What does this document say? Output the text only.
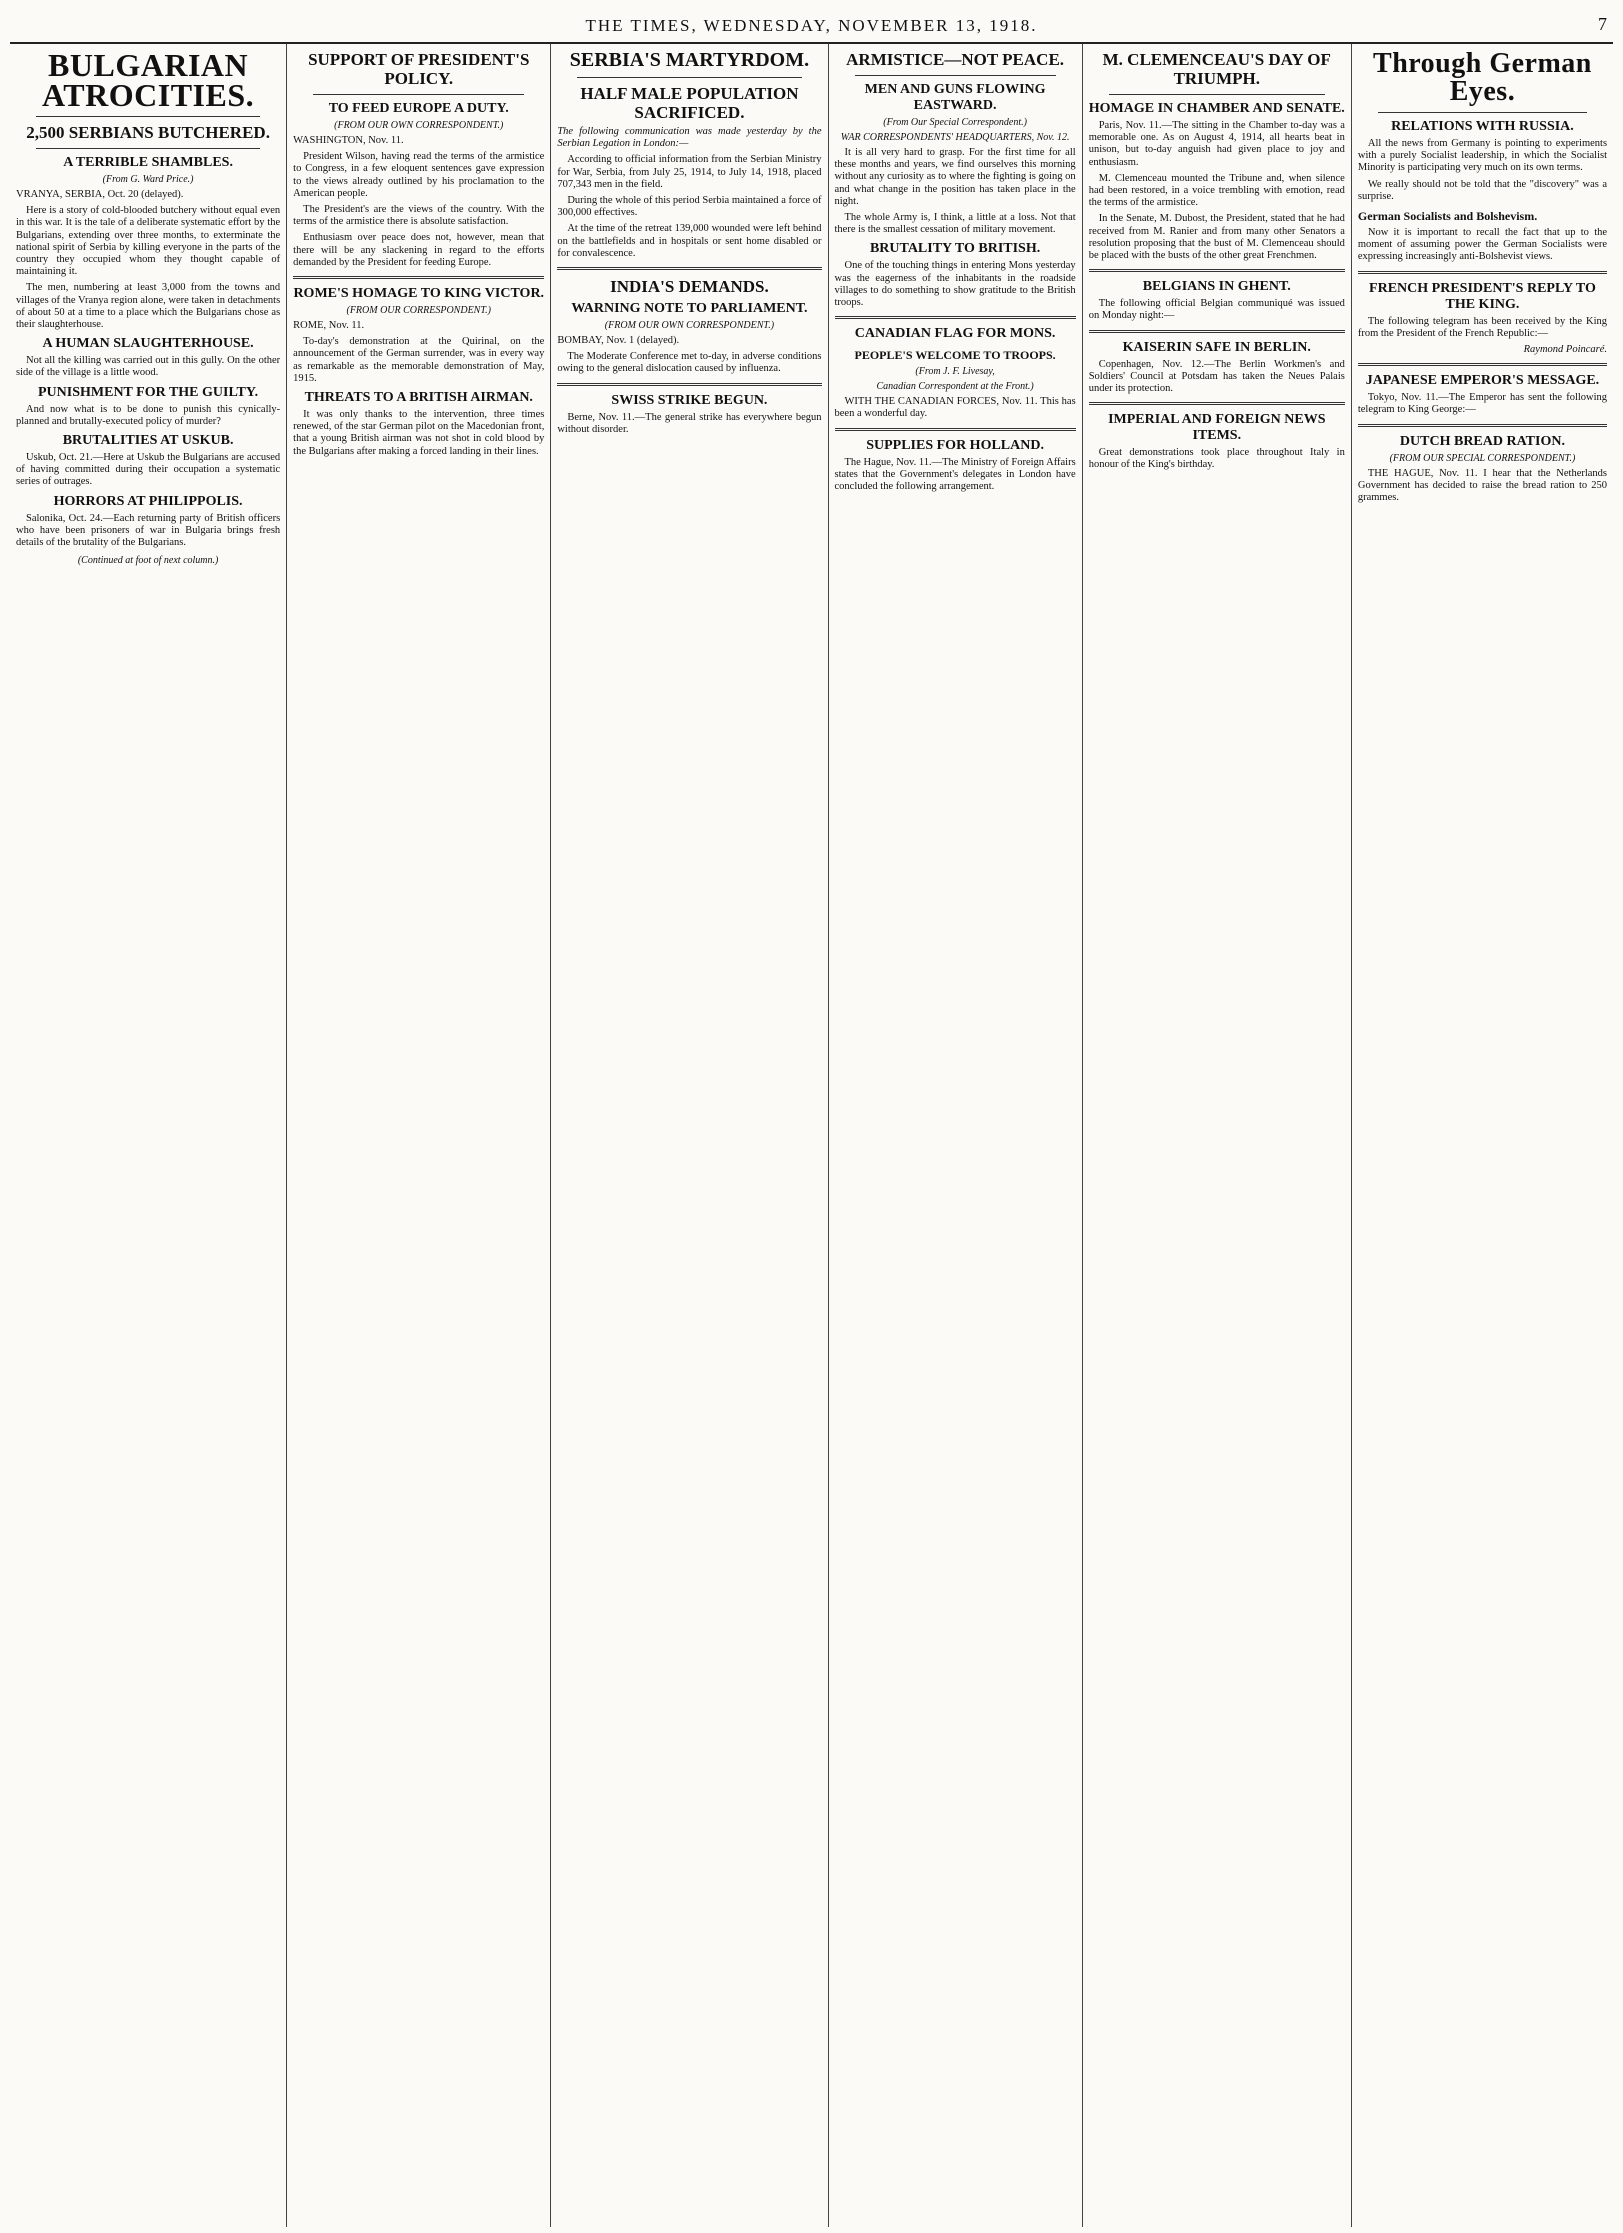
THE TIMES, WEDNESDAY, NOVEMBER 13, 1918.	7
BULGARIAN ATROCITIES.
2,500 SERBIANS BUTCHERED.
A TERRIBLE SHAMBLES.
(From G. Ward Price.)

VRANYA, SERBIA, Oct. 20 (delayed).

Here is a story of cold-blooded butchery without equal even in this war. It is the tale of a deliberate systematic effort by the Bulgarians, extending over three months, to exterminate the national spirit of Serbia by killing everyone in the parts of the country they occupied whom they thought capable of maintaining it.

The men, numbering at least 3,000 from the towns and villages of the Vranya region alone, were taken in detachments of about 50 at a time to a place which the Bulgarians chose as their slaughterhouse.

A HUMAN SLAUGHTERHOUSE.

Not all the killing was carried out in this gully. On the other side of the village is a little wood.

PUNISHMENT FOR THE GUILTY.

And now what is to be done to punish this cynically-planned and brutally-executed policy of murder?

BRUTALITIES AT USKUB.

Uskub, Oct. 21.—Here at Uskub the Bulgarians are accused of having committed during their occupation a systematic series of outrages.

HORRORS AT PHILIPPOLIS.

Salonika, Oct. 24.—Each returning party of British officers who have been prisoners of war in Bulgaria brings fresh details of the brutality of the Bulgarians.

(Continued at foot of next column.)
SUPPORT OF PRESIDENT'S POLICY.
TO FEED EUROPE A DUTY.
(FROM OUR OWN CORRESPONDENT.)

WASHINGTON, Nov. 11.

President Wilson, having read the terms of the armistice to Congress, in a few eloquent sentences gave expression to the views already outlined by his proclamation to the American people.

The President's are the views of the country. With the terms of the armistice there is absolute satisfaction.

Enthusiasm over peace does not, however, mean that there will be any slackening in regard to the efforts demanded by the President for feeding Europe.

ROME'S HOMAGE TO KING VICTOR.
(FROM OUR CORRESPONDENT.)

ROME, Nov. 11.

To-day's demonstration at the Quirinal, on the announcement of the German surrender, was in every way as remarkable as the memorable demonstration of May, 1915.

THREATS TO A BRITISH AIRMAN.

It was only thanks to the intervention, three times renewed, of the star German pilot on the Macedonian front, that a young British airman was not shot in cold blood by the Bulgarians after making a forced landing in their lines.

SERBIA'S MARTYRDOM.
HALF MALE POPULATION SACRIFICED.

The following communication was made yesterday by the Serbian Legation in London:—

According to official information from the Serbian Ministry for War, Serbia, from July 25, 1914, to July 14, 1918, placed 707,343 men in the field.

During the whole of this period Serbia maintained a force of 300,000 effectives.

At the time of the retreat 139,000 wounded were left behind on the battlefields and in hospitals or sent home disabled or for convalescence.

INDIA'S DEMANDS.
WARNING NOTE TO PARLIAMENT.
(FROM OUR OWN CORRESPONDENT.)

BOMBAY, Nov. 1 (delayed).

The Moderate Conference met to-day, in adverse conditions owing to the general dislocation caused by influenza.

SWISS STRIKE BEGUN.

Berne, Nov. 11.—The general strike has everywhere begun without disorder.

ARMISTICE—NOT PEACE.
MEN AND GUNS FLOWING EASTWARD.
(From Our Special Correspondent.)
WAR CORRESPONDENTS' HEADQUARTERS, Nov. 12.

It is all very hard to grasp. For the first time for all these months and years, we find ourselves this morning without any curiosity as to where the fighting is going on and what change in the position has taken place in the night.

The whole Army is, I think, a little at a loss. Not that there is the smallest cessation of military movement.

BRUTALITY TO BRITISH.

One of the touching things in entering Mons yesterday was the eagerness of the inhabitants in the roadside villages to do something to show gratitude to the British troops.

CANADIAN FLAG FOR MONS.
PEOPLE'S WELCOME TO TROOPS.
(From J. F. Livesay,
Canadian Correspondent at the Front.)

WITH THE CANADIAN FORCES, Nov. 11. This has been a wonderful day.

SUPPLIES FOR HOLLAND.

The Hague, Nov. 11.—The Ministry of Foreign Affairs states that the Government's delegates in London have concluded the following arrangement.

M. CLEMENCEAU'S DAY OF TRIUMPH.
HOMAGE IN CHAMBER AND SENATE.

Paris, Nov. 11.—The sitting in the Chamber to-day was a memorable one. As on August 4, 1914, all hearts beat in unison, but to-day anguish had given place to joy and enthusiasm.

M. Clemenceau mounted the Tribune and, when silence had been restored, in a voice trembling with emotion, read the terms of the armistice.

In the Senate, M. Dubost, the President, stated that he had received from M. Ranier and from many other Senators a resolution proposing that the bust of M. Clemenceau should be placed with the busts of the other great Frenchmen.

BELGIANS IN GHENT.

The following official Belgian communiqué was issued on Monday night:—

KAISERIN SAFE IN BERLIN.

Copenhagen, Nov. 12.—The Berlin Workmen's and Soldiers' Council at Potsdam has taken the Neues Palais under its protection.

IMPERIAL AND FOREIGN NEWS ITEMS.

Great demonstrations took place throughout Italy in honour of the King's birthday.

Through German Eyes.
RELATIONS WITH RUSSIA.

All the news from Germany is pointing to experiments with a purely Socialist leadership, in which the Socialist Minority is participating very much on its own terms.

We really should not be told that the "discovery" was a surprise.

German Socialists and Bolshevism.

Now it is important to recall the fact that up to the moment of assuming power the German Socialists were expressing increasingly anti-Bolshevist views.

FRENCH PRESIDENT'S REPLY TO THE KING.

The following telegram has been received by the King from the President of the French Republic:—

Raymond Poincaré.

JAPANESE EMPEROR'S MESSAGE.

Tokyo, Nov. 11.—The Emperor has sent the following telegram to King George:—

DUTCH BREAD RATION.
(FROM OUR SPECIAL CORRESPONDENT.)

THE HAGUE, Nov. 11. I hear that the Netherlands Government has decided to raise the bread ration to 250 grammes.
